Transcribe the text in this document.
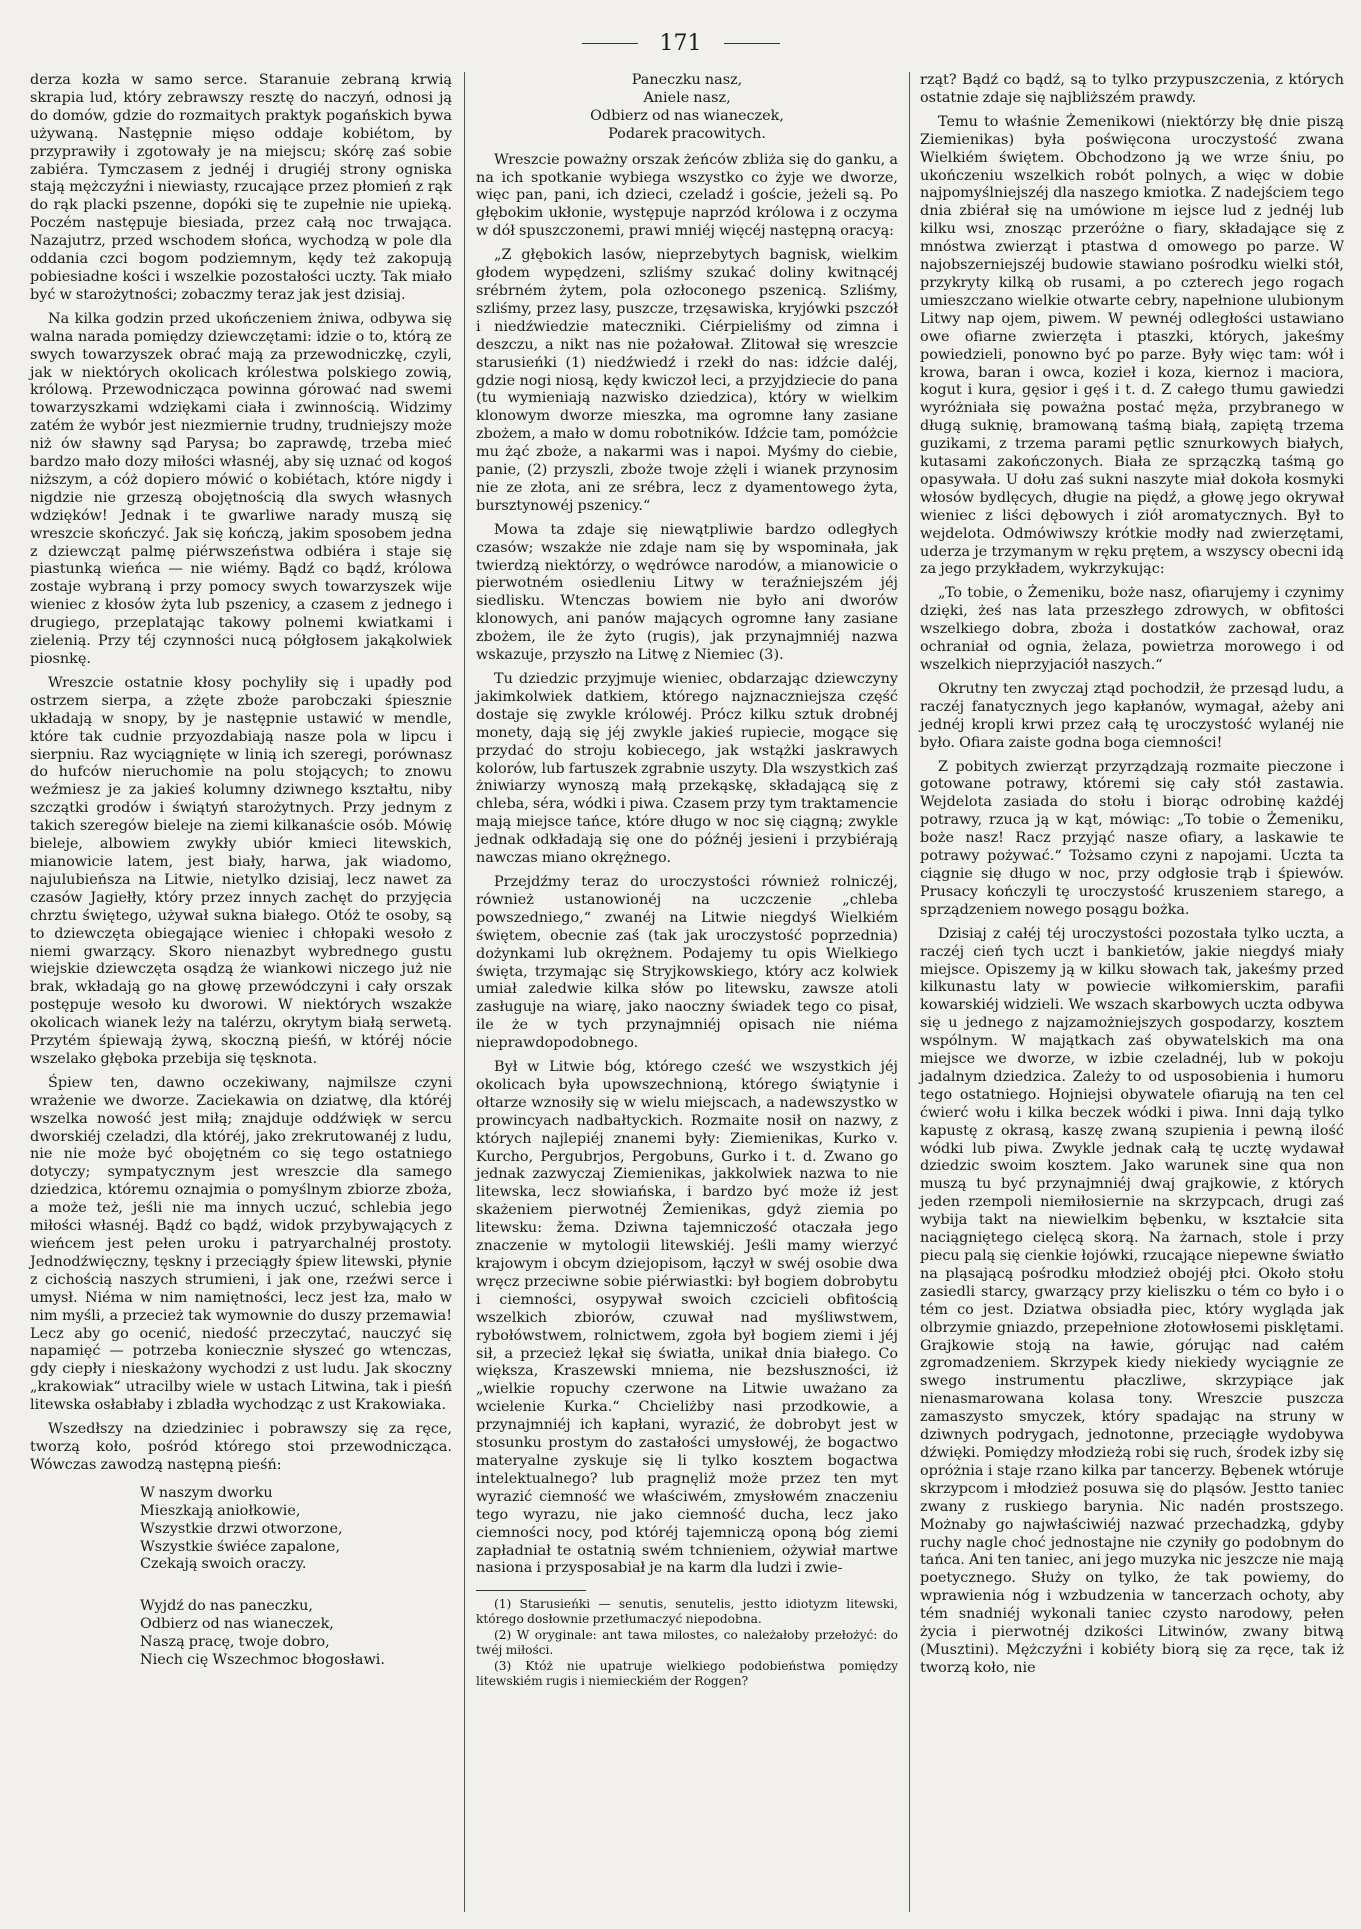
171

derza kozła w samo serce. Staranuie zebraną krwią skrapia lud, który zebrawszy resztę do naczyń, odnosi ją do domów, gdzie do rozmaitych praktyk pogańskich bywa używaną. Następnie mięso oddaje kobiétom, by przyprawiły i zgotowały je na miejscu; skórę zaś sobie zabiéra. Tymczasem z jednéj i drugiéj strony ogniska stają mężczyźni i niewiasty, rzucające przez płomień z rąk do rąk placki pszenne, dopóki się te zupełnie nie upieką. Poczém następuje biesiada, przez całą noc trwająca. Nazajutrz, przed wschodem słońca, wychodzą w pole dla oddania czci bogom podziemnym, kędy też zakopują pobiesiadne kości i wszelkie pozostałości uczty. Tak miało być w starożytności; zobaczmy teraz jak jest dzisiaj.

Na kilka godzin przed ukończeniem żniwa, odbywa się walna narada pomiędzy dziewczętami: idzie o to, którą ze swych towarzyszek obrać mają za przewodniczkę, czyli, jak w niektórych okolicach królestwa polskiego zowią, królową. Przewodnicząca powinna górować nad swemi towarzyszkami wdziękami ciała i zwinnością. Widzimy zatém że wybór jest niezmiernie trudny, trudniejszy może niż ów sławny sąd Parysa; bo zaprawdę, trzeba mieć bardzo mało dozy miłości własnéj, aby się uznać od kogoś niższym, a cóż dopiero mówić o kobiétach, które nigdy i nigdzie nie grzeszą obojętnością dla swych własnych wdzięków! Jednak i te gwarliwe narady muszą się wreszcie skończyć. Jak się kończą, jakim sposobem jedna z dziewcząt palmę piérwszeństwa odbiéra i staje się piastunką wieńca — nie wiémy. Bądź co bądź, królowa zostaje wybraną i przy pomocy swych towarzyszek wije wieniec z kłosów żyta lub pszenicy, a czasem z jednego i drugiego, przeplatając takowy polnemi kwiatkami i zielenią. Przy téj czynności nucą półgłosem jakąkolwiek piosnkę.

Wreszcie ostatnie kłosy pochyliły się i upadły pod ostrzem sierpa, a zżęte zboże parobczaki śpiesznie układają w snopy, by je następnie ustawić w mendle, które tak cudnie przyozdabiają nasze pola w lipcu i sierpniu. Raz wyciągnięte w linią ich szeregi, porównasz do hufców nieruchomie na polu stojących; to znowu weźmiesz je za jakieś kolumny dziwnego kształtu, niby szczątki grodów i świątyń starożytnych. Przy jednym z takich szeregów bieleje na ziemi kilkanaście osób. Mówię bieleje, albowiem zwykły ubiór kmieci litewskich, mianowicie latem, jest biały, harwa, jak wiadomo, najulubieńsza na Litwie, nietylko dzisiaj, lecz nawet za czasów Jagiełły, który przez innych zachęt do przyjęcia chrztu świętego, używał sukna białego. Otóż te osoby, są to dziewczęta obiegające wieniec i chłopaki wesoło z niemi gwarzący. Skoro nienazbyt wybrednego gustu wiejskie dziewczęta osądzą że wiankowi niczego już nie brak, wkładają go na głowę przewódczyni i cały orszak postępuje wesoło ku dworowi. W niektórych wszakże okolicach wianek leży na talérzu, okrytym białą serwetą. Przytém śpiewają żywą, skoczną pieśń, w któréj nócie wszelako głęboka przebija się tęsknota.

Śpiew ten, dawno oczekiwany, najmilsze czyni wrażenie we dworze. Zaciekawia on dziatwę, dla któréj wszelka nowość jest miłą; znajduje oddźwięk w sercu dworskiéj czeladzi, dla któréj, jako zrekrutowanéj z ludu, nie nie może być obojętném co się tego ostatniego dotyczy; sympatycznym jest wreszcie dla samego dziedzica, któremu oznajmia o pomyślnym zbiorze zboża, a może też, jeśli nie ma innych uczuć, schlebia jego miłości własnéj. Bądź co bądź, widok przybywających z wieńcem jest pełen uroku i patryarchalnéj prostoty. Jednodźwięczny, tęskny i przeciągły śpiew litewski, płynie z cichością naszych strumieni, i jak one, rzeźwi serce i umysł. Niéma w nim namiętności, lecz jest łza, mało w nim myśli, a przecież tak wymownie do duszy przemawia! Lecz aby go ocenić, niedość przeczytać, nauczyć się napamięć — potrzeba koniecznie słyszeć go wtenczas, gdy ciepły i nieskażony wychodzi z ust ludu. Jak skoczny „krakowiak“ utracilby wiele w ustach Litwina, tak i pieśń litewska osłabłaby i zbladła wychodząc z ust Krakowiaka.

Wszedłszy na dziedziniec i pobrawszy się za ręce, tworzą koło, pośród którego stoi przewodnicząca. Wówczas zawodzą następną pieśń:

W naszym dworku
Mieszkają aniołkowie,
Wszystkie drzwi otworzone,
Wszystkie świéce zapalone,
Czekają swoich oraczy.
Wyjdź do nas paneczku,
Odbierz od nas wianeczek,
Naszą pracę, twoje dobro,
Niech cię Wszechmoc błogosławi.
Paneczku nasz,
Aniele nasz,
Odbierz od nas wianeczek,
Podarek pracowitych.

Wreszcie poważny orszak żeńców zbliża się do ganku, a na ich spotkanie wybiega wszystko co żyje we dworze, więc pan, pani, ich dzieci, czeladź i goście, jeżeli są. Po głębokim ukłonie, występuje naprzód królowa i z oczyma w dół spuszczonemi, prawi mniéj więcéj następną oracyą:

„Z głębokich lasów, nieprzebytych bagnisk, wielkim głodem wypędzeni, szliśmy szukać doliny kwitnącéj srébrném żytem, pola ozłoconego pszenicą. Szliśmy, szliśmy, przez lasy, puszcze, trzęsawiska, kryjówki pszczół i niedźwiedzie mateczniki. Ciérpieliśmy od zimna i deszczu, a nikt nas nie pożałował. Zlitował się wreszcie starusieńki (1) niedźwiedź i rzekł do nas: idźcie daléj, gdzie nogi niosą, kędy kwiczoł leci, a przyjdziecie do pana (tu wymieniają nazwisko dziedzica), który w wielkim klonowym dworze mieszka, ma ogromne łany zasiane zbożem, a mało w domu robotników. Idźcie tam, pomóżcie mu żąć zboże, a nakarmi was i napoi. Myśmy do ciebie, panie, (2) przyszli, zboże twoje zżęli i wianek przynosim nie ze złota, ani ze srébra, lecz z dyamentowego żyta, bursztynowéj pszenicy.“

Mowa ta zdaje się niewątpliwie bardzo odległych czasów; wszakże nie zdaje nam się by wspominała, jak twierdzą niektórzy, o wędrówce narodów, a mianowicie o pierwotném osiedleniu Litwy w teraźniejszém jéj siedlisku. Wtenczas bowiem nie było ani dworów klonowych, ani panów mających ogromne łany zasiane zbożem, ile że żyto (rugis), jak przynajmniéj nazwa wskazuje, przyszło na Litwę z Niemiec (3).

Tu dziedzic przyjmuje wieniec, obdarzając dziewczyny jakimkolwiek datkiem, którego najznaczniejsza część dostaje się zwykle królowéj. Prócz kilku sztuk drobnéj monety, dają się jéj zwykle jakieś rupiecie, mogące się przydać do stroju kobiecego, jak wstążki jaskrawych kolorów, lub fartuszek zgrabnie uszyty. Dla wszystkich zaś żniwiarzy wynoszą małą przekąskę, składającą się z chleba, séra, wódki i piwa. Czasem przy tym traktamencie mają miejsce tańce, które długo w noc się ciągną; zwykle jednak odkładają się one do późnéj jesieni i przybiérają nawczas miano okrężnego.

Przejdźmy teraz do uroczystości również rolniczéj, również ustanowionéj na uczczenie „chleba powszedniego,“ zwanéj na Litwie niegdyś Wielkiém świętem, obecnie zaś (tak jak uroczystość poprzednia) dożynkami lub okrężnem. Podajemy tu opis Wielkiego święta, trzymając się Stryjkowskiego, który acz kolwiek umiał zaledwie kilka słów po litewsku, zawsze atoli zasługuje na wiarę, jako naoczny świadek tego co pisał, ile że w tych przynajmniéj opisach nie niéma nieprawdopodobnego.

Był w Litwie bóg, którego cześć we wszystkich jéj okolicach była upowszechnioną, którego świątynie i ołtarze wznosiły się w wielu miejscach, a nadewszystko w prowincyach nadbałtyckich. Rozmaite nosił on nazwy, z których najlepiéj znanemi były: Ziemienikas, Kurko v. Kurcho, Pergubrjos, Pergobuns, Gurko i t. d. Zwano go jednak zazwyczaj Ziemienikas, jakkolwiek nazwa to nie litewska, lecz słowiańska, i bardzo być może iż jest skażeniem pierwotnéj Żemienikas, gdyż ziemia po litewsku: žema. Dziwna tajemniczość otaczała jego znaczenie w mytologii litewskiéj. Jeśli mamy wierzyć krajowym i obcym dziejopisom, łączył w swéj osobie dwa wręcz przeciwne sobie piérwiastki: był bogiem dobrobytu i ciemności, osypywał swoich czcicieli obfitością wszelkich zbiorów, czuwał nad myśliwstwem, rybołówstwem, rolnictwem, zgoła był bogiem ziemi i jéj sił, a przecież lękał się światła, unikał dnia białego. Co większa, Kraszewski mniema, nie bezsłuszności, iż „wielkie ropuchy czerwone na Litwie uważano za wcielenie Kurka.“ Chcieliżby nasi przodkowie, a przynajmniéj ich kapłani, wyrazić, że dobrobyt jest w stosunku prostym do zastałości umysłowéj, że bogactwo materyalne zyskuje się li tylko kosztem bogactwa intelektualnego? lub pragnęliż może przez ten myt wyrazić ciemność we właściwém, zmysłowém znaczeniu tego wyrazu, nie jako ciemność ducha, lecz jako ciemności nocy, pod któréj tajemniczą oponą bóg ziemi zapładniał te ostatnią swém tchnieniem, ożywiał martwe nasiona i przysposabiał je na karm dla ludzi i zwie-

(1) Starusieńki — senutis, senutelis, jestto idiotyzm litewski, którego dosłownie przetłumaczyć niepodobna.

(2) W oryginale: ant tawa milostes, co należałoby przełożyć: do twéj miłości.

(3) Któż nie upatruje wielkiego podobieństwa pomiędzy litewskiém rugis i niemieckiém der Roggen?

rząt? Bądź co bądź, są to tylko przypuszczenia, z których ostatnie zdaje się najbliższém prawdy.

Temu to właśnie Żemenikowi (niektórzy błę dnie piszą Ziemienikas) była poświęcona uroczystość zwana Wielkiém świętem. Obchodzono ją we wrze śniu, po ukończeniu wszelkich robót polnych, a więc w dobie najpomyślniejszéj dla naszego kmiotka. Z nadejściem tego dnia zbiérał się na umówione m iejsce lud z jednéj lub kilku wsi, znosząc przeróżne o fiary, składające się z mnóstwa zwierząt i ptastwa d omowego po parze. W najobszerniejszéj budowie stawiano pośrodku wielki stół, przykryty kilką ob rusami, a po czterech jego rogach umieszczano wielkie otwarte cebry, napełnione ulubionym Litwy nap ojem, piwem. W pewnéj odległości ustawiano owe ofiarne zwierzęta i ptaszki, których, jakeśmy powiedzieli, ponowno być po parze. Były więc tam: wół i krowa, baran i owca, kozieł i koza, kiernoz i maciora, kogut i kura, gęsior i gęś i t. d. Z całego tłumu gawiedzi wyróżniała się poważna postać męża, przybranego w długą suknię, bramowaną taśmą białą, zapiętą trzema guzikami, z trzema parami pętlic sznurkowych białych, kutasami zakończonych. Biała ze sprzączką taśmą go opasywała. U dołu zaś sukni naszyte miał dokoła kosmyki włosów bydlęcych, długie na piędź, a głowę jego okrywał wieniec z liści dębowych i ziół aromatycznych. Był to wejdelota. Odmówiwszy krótkie modły nad zwierzętami, uderza je trzymanym w ręku prętem, a wszyscy obecni idą za jego przykładem, wykrzykując:

„To tobie, o Żemeniku, boże nasz, ofiarujemy i czynimy dzięki, żeś nas lata przeszłego zdrowych, w obfitości wszelkiego dobra, zboża i dostatków zachował, oraz ochraniał od ognia, żelaza, powietrza morowego i od wszelkich nieprzyjaciół naszych.“

Okrutny ten zwyczaj ztąd pochodził, że przesąd ludu, a raczéj fanatycznych jego kapłanów, wymagał, ażeby ani jednéj kropli krwi przez całą tę uroczystość wylanéj nie było. Ofiara zaiste godna boga ciemności!

Z pobitych zwierząt przyrządzają rozmaite pieczone i gotowane potrawy, któremi się cały stół zastawia. Wejdelota zasiada do stołu i biorąc odrobinę każdéj potrawy, rzuca ją w kąt, mówiąc: „To tobie o Żemeniku, boże nasz! Racz przyjąć nasze ofiary, a laskawie te potrawy pożywać.“ Tożsamo czyni z napojami. Uczta ta ciągnie się długo w noc, przy odgłosie trąb i śpiewów. Prusacy kończyli tę uroczystość kruszeniem starego, a sprządzeniem nowego posągu bożka.

Dzisiaj z całéj téj uroczystości pozostała tylko uczta, a raczéj cień tych uczt i bankietów, jakie niegdyś miały miejsce. Opiszemy ją w kilku słowach tak, jakeśmy przed kilkunastu laty w powiecie wiłkomierskim, parafii kowarskiéj widzieli. We wszach skarbowych uczta odbywa się u jednego z najzamożniejszych gospodarzy, kosztem wspólnym. W majątkach zaś obywatelskich ma ona miejsce we dworze, w izbie czeladnéj, lub w pokoju jadalnym dziedzica. Zależy to od usposobienia i humoru tego ostatniego. Hojniejsi obywatele ofiarują na ten cel ćwierć wołu i kilka beczek wódki i piwa. Inni dają tylko kapustę z okrasą, kaszę zwaną szupienia i pewną ilość wódki lub piwa. Zwykle jednak całą tę ucztę wydawał dziedzic swoim kosztem. Jako warunek sine qua non muszą tu być przynajmniéj dwaj grajkowie, z których jeden rzempoli niemiłosiernie na skrzypcach, drugi zaś wybija takt na niewielkim bębenku, w kształcie sita naciągniętego cielęcą skorą. Na żarnach, stole i przy piecu palą się cienkie łojówki, rzucające niepewne światło na pląsającą pośrodku młodzież obojéj płci. Około stołu zasiedli starcy, gwarzący przy kieliszku o tém co było i o tém co jest. Dziatwa obsiadła piec, który wygląda jak olbrzymie gniazdo, przepełnione złotowłosemi pisklętami. Grajkowie stoją na ławie, górując nad całém zgromadzeniem. Skrzypek kiedy niekiedy wyciągnie ze swego instrumentu płaczliwe, skrzypiące jak nienasmarowana kolasa tony. Wreszcie puszcza zamaszysto smyczek, który spadając na struny w dziwnych podrygach, jednotonne, przeciągłe wydobywa dźwięki. Pomiędzy młodzieżą robi się ruch, środek izby się opróżnia i staje rzano kilka par tancerzy. Bębenek wtóruje skrzypcom i młodzież posuwa się do pląsów. Jestto taniec zwany z ruskiego barynia. Nic nadén prostszego. Możnaby go najwłaściwiéj nazwać przechadzką, gdyby ruchy nagle choć jednostajne nie czyniły go podobnym do tańca. Ani ten taniec, ani jego muzyka nic jeszcze nie mają poetycznego. Służy on tylko, że tak powiemy, do wprawienia nóg i wzbudzenia w tancerzach ochoty, aby tém snadniéj wykonali taniec czysto narodowy, pełen życia i pierwotnéj dzikości Litwinów, zwany bitwą (Musztini). Mężczyźni i kobiéty biorą się za ręce, tak iż tworzą koło, nie
